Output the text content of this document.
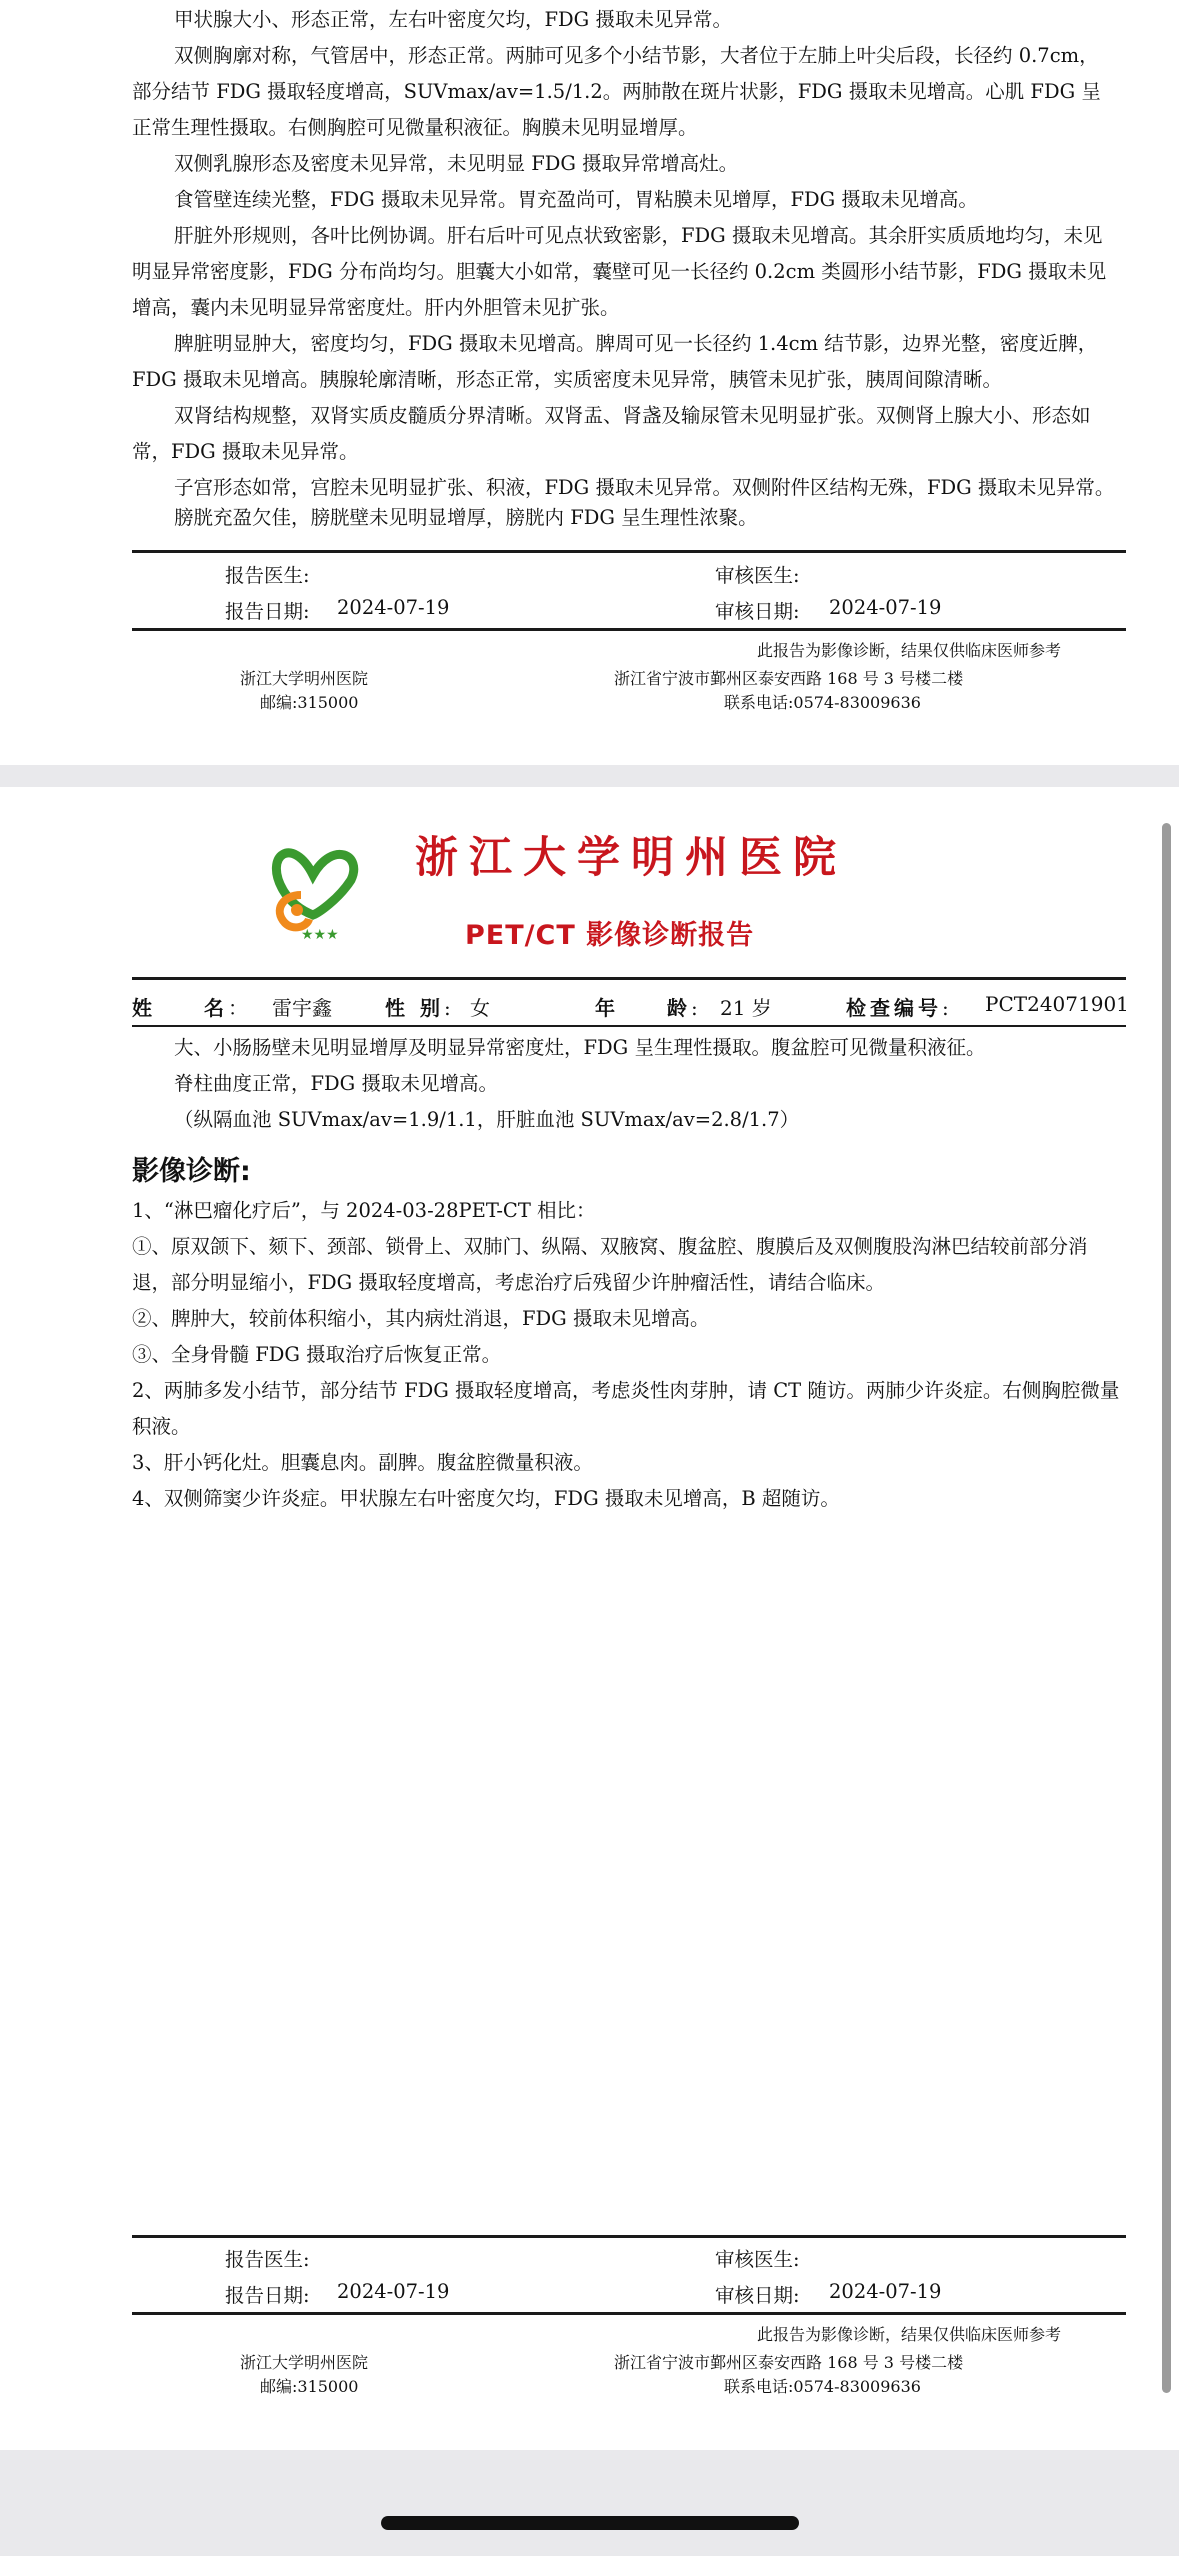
甲状腺大小、形态正常，左右叶密度欠均，FDG 摄取未见异常。

双侧胸廓对称，气管居中，形态正常。两肺可见多个小结节影，大者位于左肺上叶尖后段，长径约 0.7cm，部分结节 FDG 摄取轻度增高，SUVmax/av=1.5/1.2。两肺散在斑片状影，FDG 摄取未见增高。心肌 FDG 呈正常生理性摄取。右侧胸腔可见微量积液征。胸膜未见明显增厚。

双侧乳腺形态及密度未见异常，未见明显 FDG 摄取异常增高灶。

食管壁连续光整，FDG 摄取未见异常。胃充盈尚可，胃粘膜未见增厚，FDG 摄取未见增高。

肝脏外形规则，各叶比例协调。肝右后叶可见点状致密影，FDG 摄取未见增高。其余肝实质质地均匀，未见明显异常密度影，FDG 分布尚均匀。胆囊大小如常，囊壁可见一长径约 0.2cm 类圆形小结节影，FDG 摄取未见增高，囊内未见明显异常密度灶。肝内外胆管未见扩张。

脾脏明显肿大，密度均匀，FDG 摄取未见增高。脾周可见一长径约 1.4cm 结节影，边界光整，密度近脾，FDG 摄取未见增高。胰腺轮廓清晰，形态正常，实质密度未见异常，胰管未见扩张，胰周间隙清晰。

双肾结构规整，双肾实质皮髓质分界清晰。双肾盂、肾盏及输尿管未见明显扩张。双侧肾上腺大小、形态如常，FDG 摄取未见异常。

子宫形态如常，宫腔未见明显扩张、积液，FDG 摄取未见异常。双侧附件区结构无殊，FDG 摄取未见异常。

膀胱充盈欠佳，膀胱壁未见明显增厚，膀胱内 FDG 呈生理性浓聚。

报告医生:	审核医生:
报告日期: 2024-07-19	审核日期: 2024-07-19
此报告为影像诊断，结果仅供临床医师参考
浙江大学明州医院	浙江省宁波市鄞州区泰安西路 168 号 3 号楼二楼
邮编:315000	联系电话:0574-83009636
★★★
浙江大学明州医院
PET/CT 影像诊断报告
姓　　名： 雷宇鑫	性 别: 女	年　　龄: 21 岁	检查编号: PCT24071901

大、小肠肠壁未见明显增厚及明显异常密度灶，FDG 呈生理性摄取。腹盆腔可见微量积液征。

脊柱曲度正常，FDG 摄取未见增高。

（纵隔血池 SUVmax/av=1.9/1.1，肝脏血池 SUVmax/av=2.8/1.7）

影像诊断:

1、“淋巴瘤化疗后”，与 2024-03-28PET-CT 相比：

①、原双颌下、颏下、颈部、锁骨上、双肺门、纵隔、双腋窝、腹盆腔、腹膜后及双侧腹股沟淋巴结较前部分消退，部分明显缩小，FDG 摄取轻度增高，考虑治疗后残留少许肿瘤活性，请结合临床。

②、脾肿大，较前体积缩小，其内病灶消退，FDG 摄取未见增高。

③、全身骨髓 FDG 摄取治疗后恢复正常。

2、两肺多发小结节，部分结节 FDG 摄取轻度增高，考虑炎性肉芽肿，请 CT 随访。两肺少许炎症。右侧胸腔微量积液。

3、肝小钙化灶。胆囊息肉。副脾。腹盆腔微量积液。

4、双侧筛窦少许炎症。甲状腺左右叶密度欠均，FDG 摄取未见增高，B 超随访。

报告医生:	审核医生:
报告日期: 2024-07-19	审核日期: 2024-07-19
此报告为影像诊断，结果仅供临床医师参考
浙江大学明州医院	浙江省宁波市鄞州区泰安西路 168 号 3 号楼二楼
邮编:315000	联系电话:0574-83009636
